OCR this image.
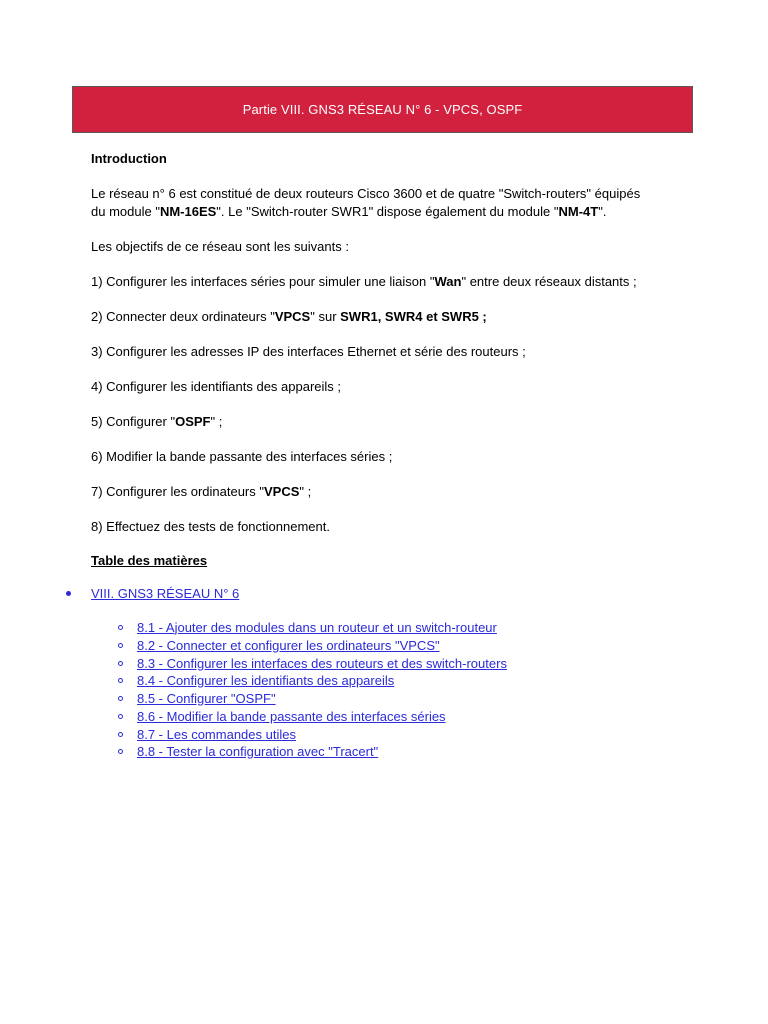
Partie VIII. GNS3 RÉSEAU N° 6 - VPCS, OSPF

Introduction

Le réseau n° 6 est constitué de deux routeurs Cisco 3600 et de quatre "Switch-routers" équipés

du module "NM-16ES". Le "Switch-router SWR1" dispose également du module "NM-4T".

Les objectifs de ce réseau sont les suivants :

1) Configurer les interfaces séries pour simuler une liaison "Wan" entre deux réseaux distants ;

2) Connecter deux ordinateurs "VPCS" sur SWR1, SWR4 et SWR5 ;

3) Configurer les adresses IP des interfaces Ethernet et série des routeurs ;

4) Configurer les identifiants des appareils ;

5) Configurer "OSPF" ;

6) Modifier la bande passante des interfaces séries ;

7) Configurer les ordinateurs "VPCS" ;

8) Effectuez des tests de fonctionnement.

Table des matières

VIII. GNS3 RÉSEAU N° 6
8.1 - Ajouter des modules dans un routeur et un switch-routeur
8.2 - Connecter et configurer les ordinateurs "VPCS"
8.3 - Configurer les interfaces des routeurs et des switch-routers
8.4 - Configurer les identifiants des appareils
8.5 - Configurer "OSPF"
8.6 - Modifier la bande passante des interfaces séries
8.7 - Les commandes utiles
8.8 - Tester la configuration avec "Tracert"
